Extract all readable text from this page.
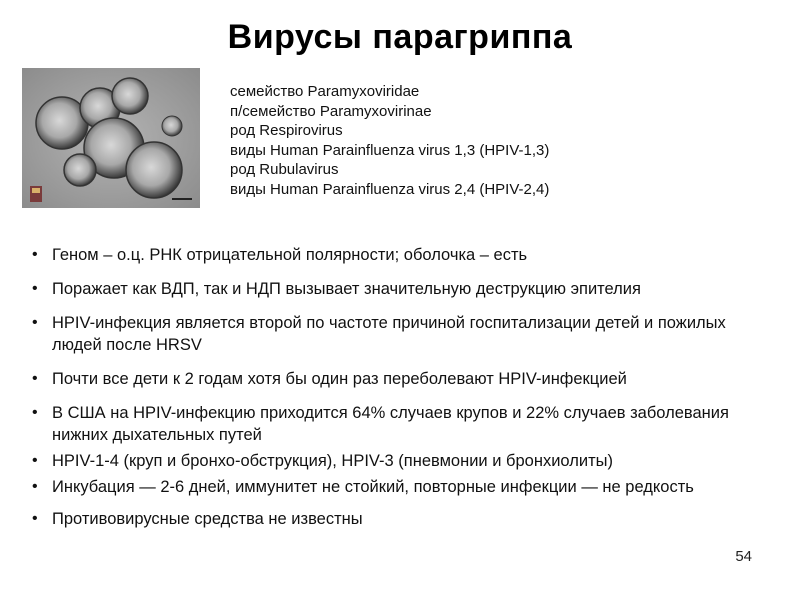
Вирусы парагриппа
семейство Paramyxoviridae
п/семейство Paramyxovirinae
род Respirovirus
виды Human Parainfluenza virus 1,3 (HPIV-1,3)
род Rubulavirus
виды Human Parainfluenza virus 2,4 (HPIV-2,4)
• Геном – о.ц. РНК отрицательной полярности; оболочка – есть
• Поражает как ВДП, так и НДП вызывает значительную деструкцию эпителия
• HPIV-инфекция является второй по частоте причиной госпитализации детей и пожилых людей после HRSV
• Почти все дети к 2 годам хотя бы один раз переболевают HPIV-инфекцией
• В США на HPIV-инфекцию приходится 64% случаев крупов и 22% случаев заболевания нижних дыхательных путей
• HPIV-1-4 (круп и бронхо-обструкция), HPIV-3 (пневмонии и бронхиолиты)
• Инкубация — 2-6 дней, иммунитет не стойкий, повторные инфекции — не редкость
• Противовирусные средства не известны
54
